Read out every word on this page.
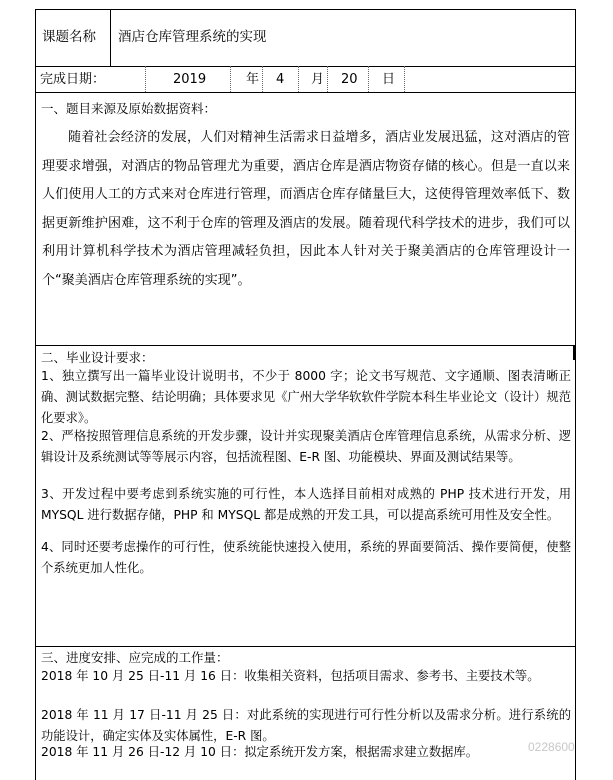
课题名称 酒店仓库管理系统的实现
完成日期：	2019	年 4 月 20 日
一、题目来源及原始数据资料：
随着社会经济的发展，人们对精神生活需求日益增多，酒店业发展迅猛，这对酒店的管理要求增强，对酒店的物品管理尤为重要，酒店仓库是酒店物资存储的核心。但是一直以来人们使用人工的方式来对仓库进行管理，而酒店仓库存储量巨大，这使得管理效率低下、数据更新维护困难，这不利于仓库的管理及酒店的发展。随着现代科学技术的进步，我们可以利用计算机科学技术为酒店管理减轻负担，因此本人针对关于聚美酒店的仓库管理设计一个“聚美酒店仓库管理系统的实现”。
二、毕业设计要求：
1、独立撰写出一篇毕业设计说明书，不少于 8000 字；论文书写规范、文字通顺、图表清晰正确、测试数据完整、结论明确；具体要求见《广州大学华软软件学院本科生毕业论文（设计）规范化要求》。
2、严格按照管理信息系统的开发步骤，设计并实现聚美酒店仓库管理信息系统，从需求分析、逻辑设计及系统测试等等展示内容，包括流程图、E-R 图、功能模块、界面及测试结果等。
3、开发过程中要考虑到系统实施的可行性，本人选择目前相对成熟的 PHP 技术进行开发，用 MYSQL 进行数据存储，PHP 和 MYSQL 都是成熟的开发工具，可以提高系统可用性及安全性。
4、同时还要考虑操作的可行性，使系统能快速投入使用，系统的界面要简活、操作要简便，使整个系统更加人性化。
三、进度安排、应完成的工作量：
2018 年 10 月 25 日-11 月 16 日：收集相关资料，包括项目需求、参考书、主要技术等。
2018 年 11 月 17 日-11 月 25 日：对此系统的实现进行可行性分析以及需求分析。进行系统的功能设计，确定实体及实体属性，E-R 图。
2018 年 11 月 26 日-12 月 10 日：拟定系统开发方案，根据需求建立数据库。	0228600
